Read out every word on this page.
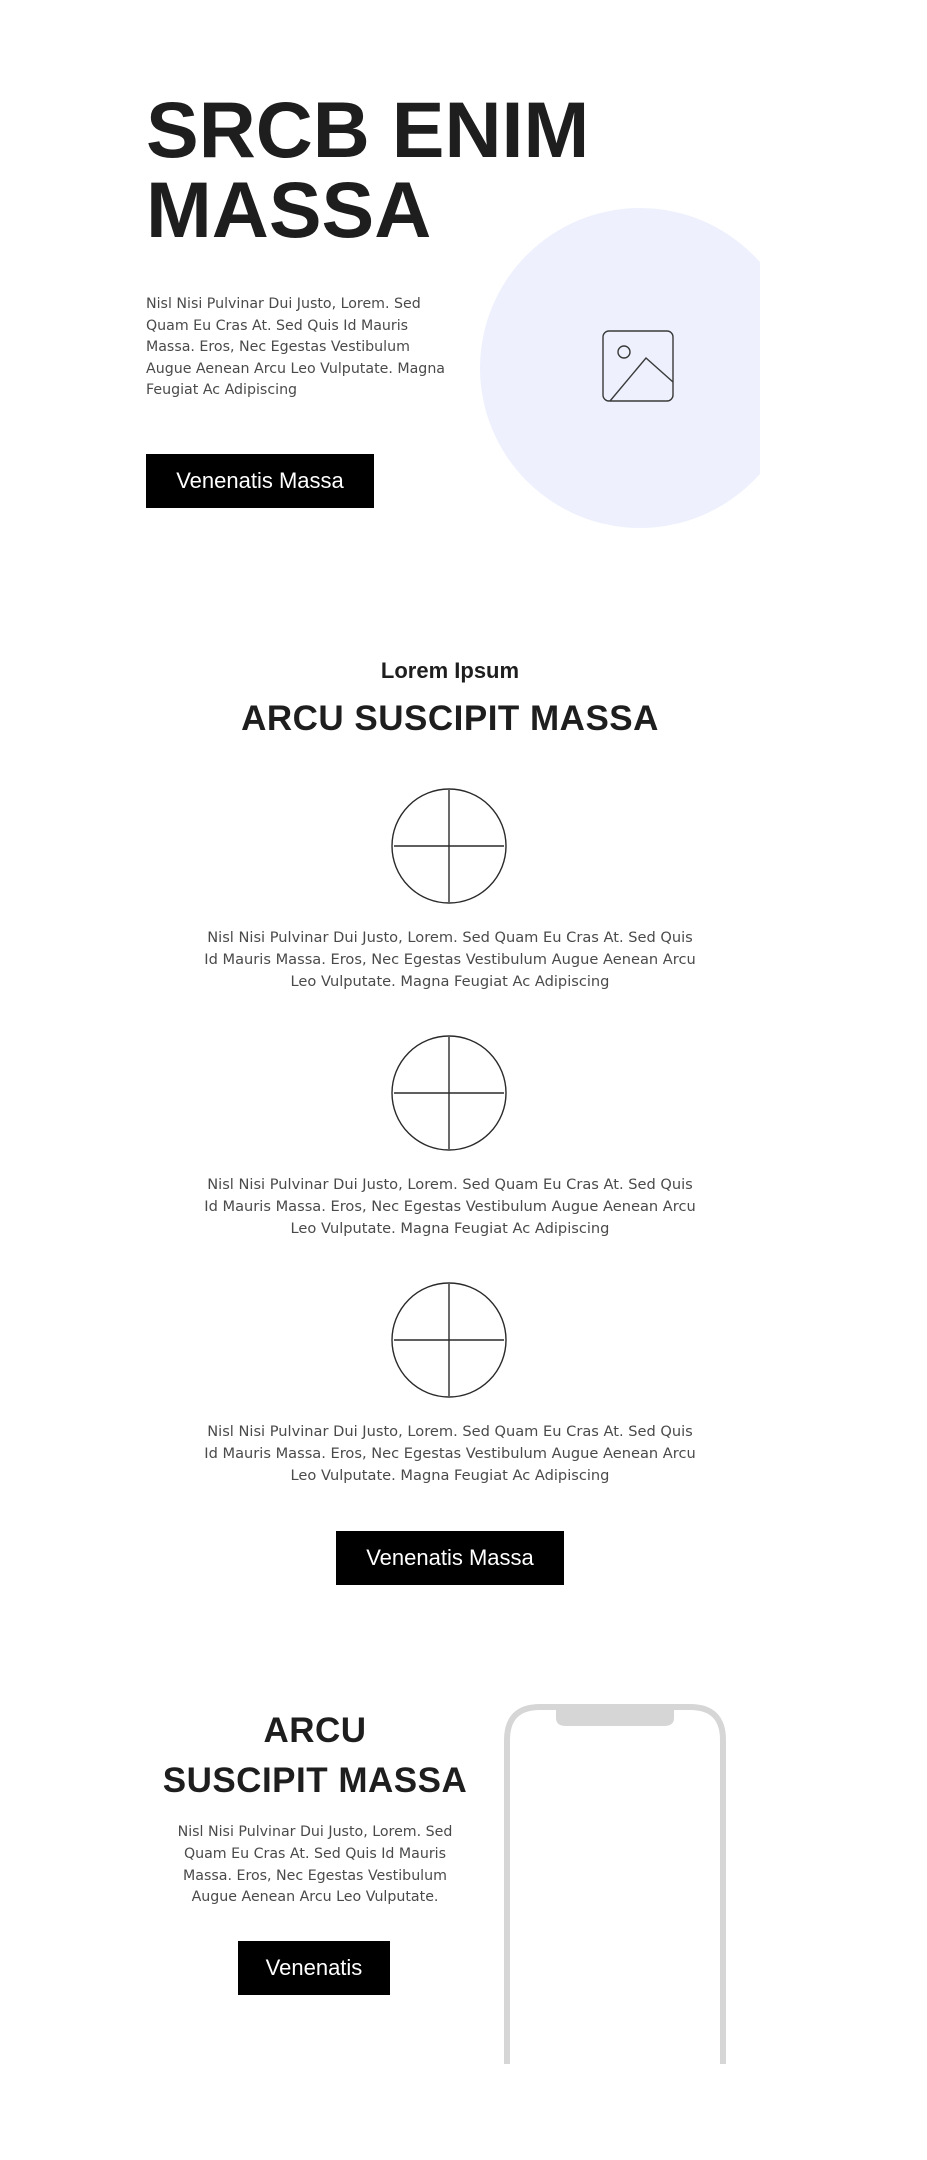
SRCB ENIM
MASSA

Nisl Nisi Pulvinar Dui Justo, Lorem. Sed Quam Eu Cras At. Sed Quis Id Mauris Massa. Eros, Nec Egestas Vestibulum Augue Aenean Arcu Leo Vulputate. Magna Feugiat Ac Adipiscing

Venenatis Massa
Lorem Ipsum
ARCU SUSCIPIT MASSA

Nisl Nisi Pulvinar Dui Justo, Lorem. Sed Quam Eu Cras At. Sed Quis Id Mauris Massa. Eros, Nec Egestas Vestibulum Augue Aenean Arcu Leo Vulputate. Magna Feugiat Ac Adipiscing

Nisl Nisi Pulvinar Dui Justo, Lorem. Sed Quam Eu Cras At. Sed Quis Id Mauris Massa. Eros, Nec Egestas Vestibulum Augue Aenean Arcu Leo Vulputate. Magna Feugiat Ac Adipiscing

Nisl Nisi Pulvinar Dui Justo, Lorem. Sed Quam Eu Cras At. Sed Quis Id Mauris Massa. Eros, Nec Egestas Vestibulum Augue Aenean Arcu Leo Vulputate. Magna Feugiat Ac Adipiscing

Venenatis Massa
ARCU
SUSCIPIT MASSA

Nisl Nisi Pulvinar Dui Justo, Lorem. Sed Quam Eu Cras At. Sed Quis Id Mauris Massa. Eros, Nec Egestas Vestibulum Augue Aenean Arcu Leo Vulputate.

Venenatis
